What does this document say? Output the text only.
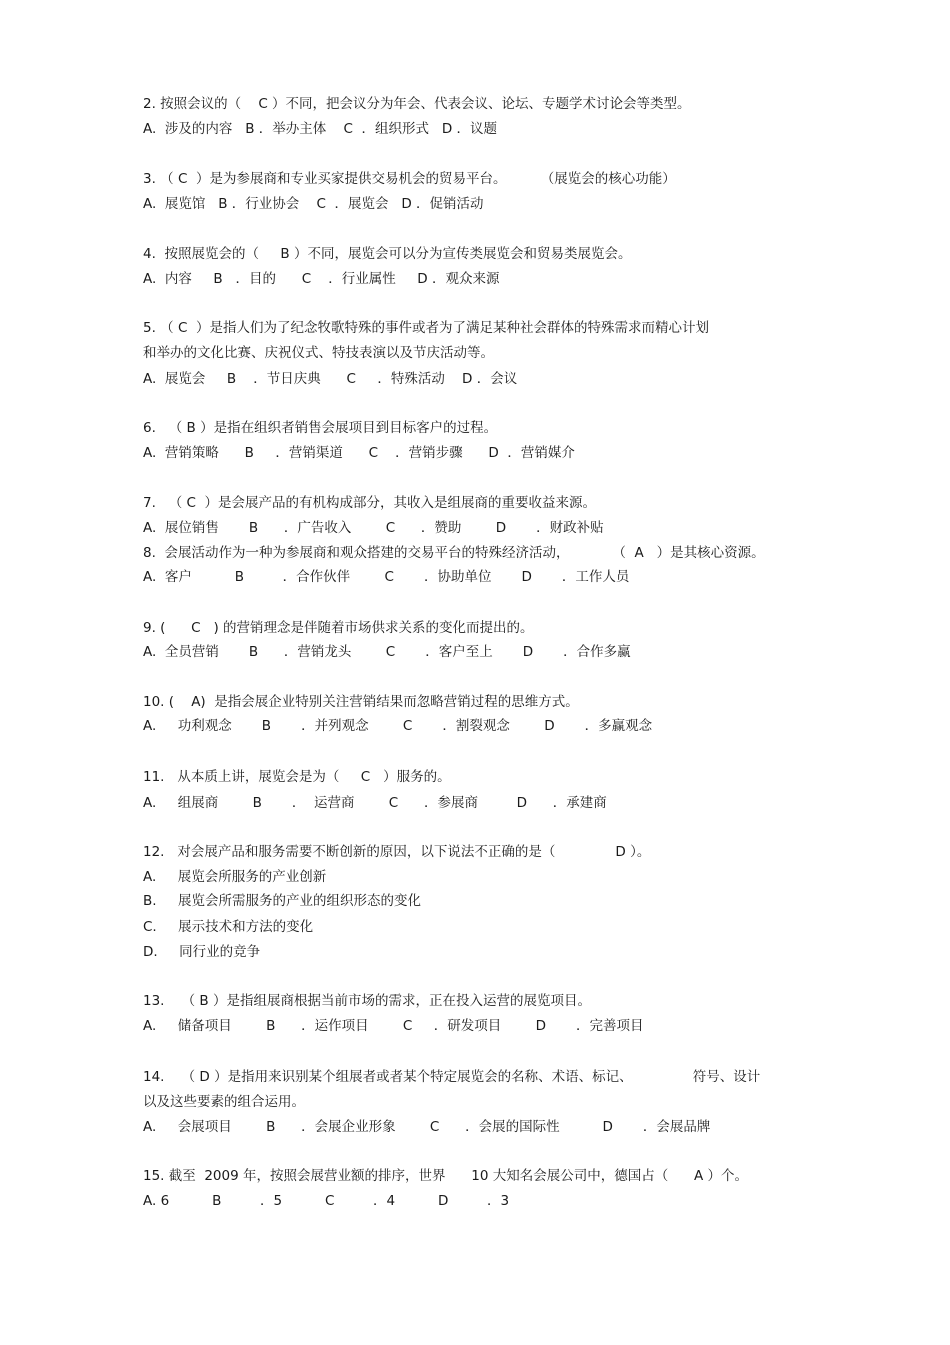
2. 按照会议的（    C ）不同，把会议分为年会、代表会议、论坛、专题学术讨论会等类型。
A.  涉及的内容   B ．举办主体    C  ．组织形式   D ．议题
3. （ C  ）是为参展商和专业买家提供交易机会的贸易平台。        （展览会的核心功能）
A.  展览馆   B ．行业协会    C  ．展览会   D ．促销活动
4.  按照展览会的（     B ）不同，展览会可以分为宣传类展览会和贸易类展览会。
A.  内容     B   ．目的      C    ．行业属性     D ．观众来源
5. （ C  ）是指人们为了纪念牧歌特殊的事件或者为了满足某种社会群体的特殊需求而精心计划
和举办的文化比赛、庆祝仪式、特技表演以及节庆活动等。
A.  展览会     B    ．节日庆典      C     ．特殊活动    D ．会议
6.   （ B ）是指在组织者销售会展项目到目标客户的过程。
A.  营销策略      B     ．营销渠道      C    ．营销步骤      D  ．营销媒介
7.   （ C  ）是会展产品的有机构成部分，其收入是组展商的重要收益来源。
A.  展位销售       B      ．广告收入        C      ．赞助        D       ．财政补贴
8.  会展活动作为一种为参展商和观众搭建的交易平台的特殊经济活动，          （  A   ）是其核心资源。
A.  客户          B         ．合作伙伴        C       ．协助单位       D       ．工作人员
9. (      C   ) 的营销理念是伴随着市场供求关系的变化而提出的。
A.  全员营销       B      ．营销龙头        C       ．客户至上       D       ．合作多赢
10. (    A)  是指会展企业特别关注营销结果而忽略营销过程的思维方式。
A.     功利观念       B       ．并列观念        C       ．割裂观念        D       ．多赢观念
11.   从本质上讲，展览会是为（     C   ）服务的。
A.     组展商        B       ．  运营商        C      ．参展商         D      ．承建商
12.   对会展产品和服务需要不断创新的原因，以下说法不正确的是（              D ）。
A.     展览会所服务的产业创新
B.     展览会所需服务的产业的组织形态的变化
C.     展示技术和方法的变化
D.     同行业的竞争
13.    （ B ）是指组展商根据当前市场的需求，正在投入运营的展览项目。
A.     储备项目        B      ．运作项目        C     ．研发项目        D       ．完善项目
14.    （ D ）是指用来识别某个组展者或者某个特定展览会的名称、术语、标记、              符号、设计
以及这些要素的组合运用。
A.     会展项目        B      ．会展企业形象        C      ．会展的国际性          D       ．会展品牌
15. 截至  2009 年，按照会展营业额的排序，世界      10 大知名会展公司中，德国占（      A ）个。
A. 6          B         ．5          C         ．4          D         ．3
